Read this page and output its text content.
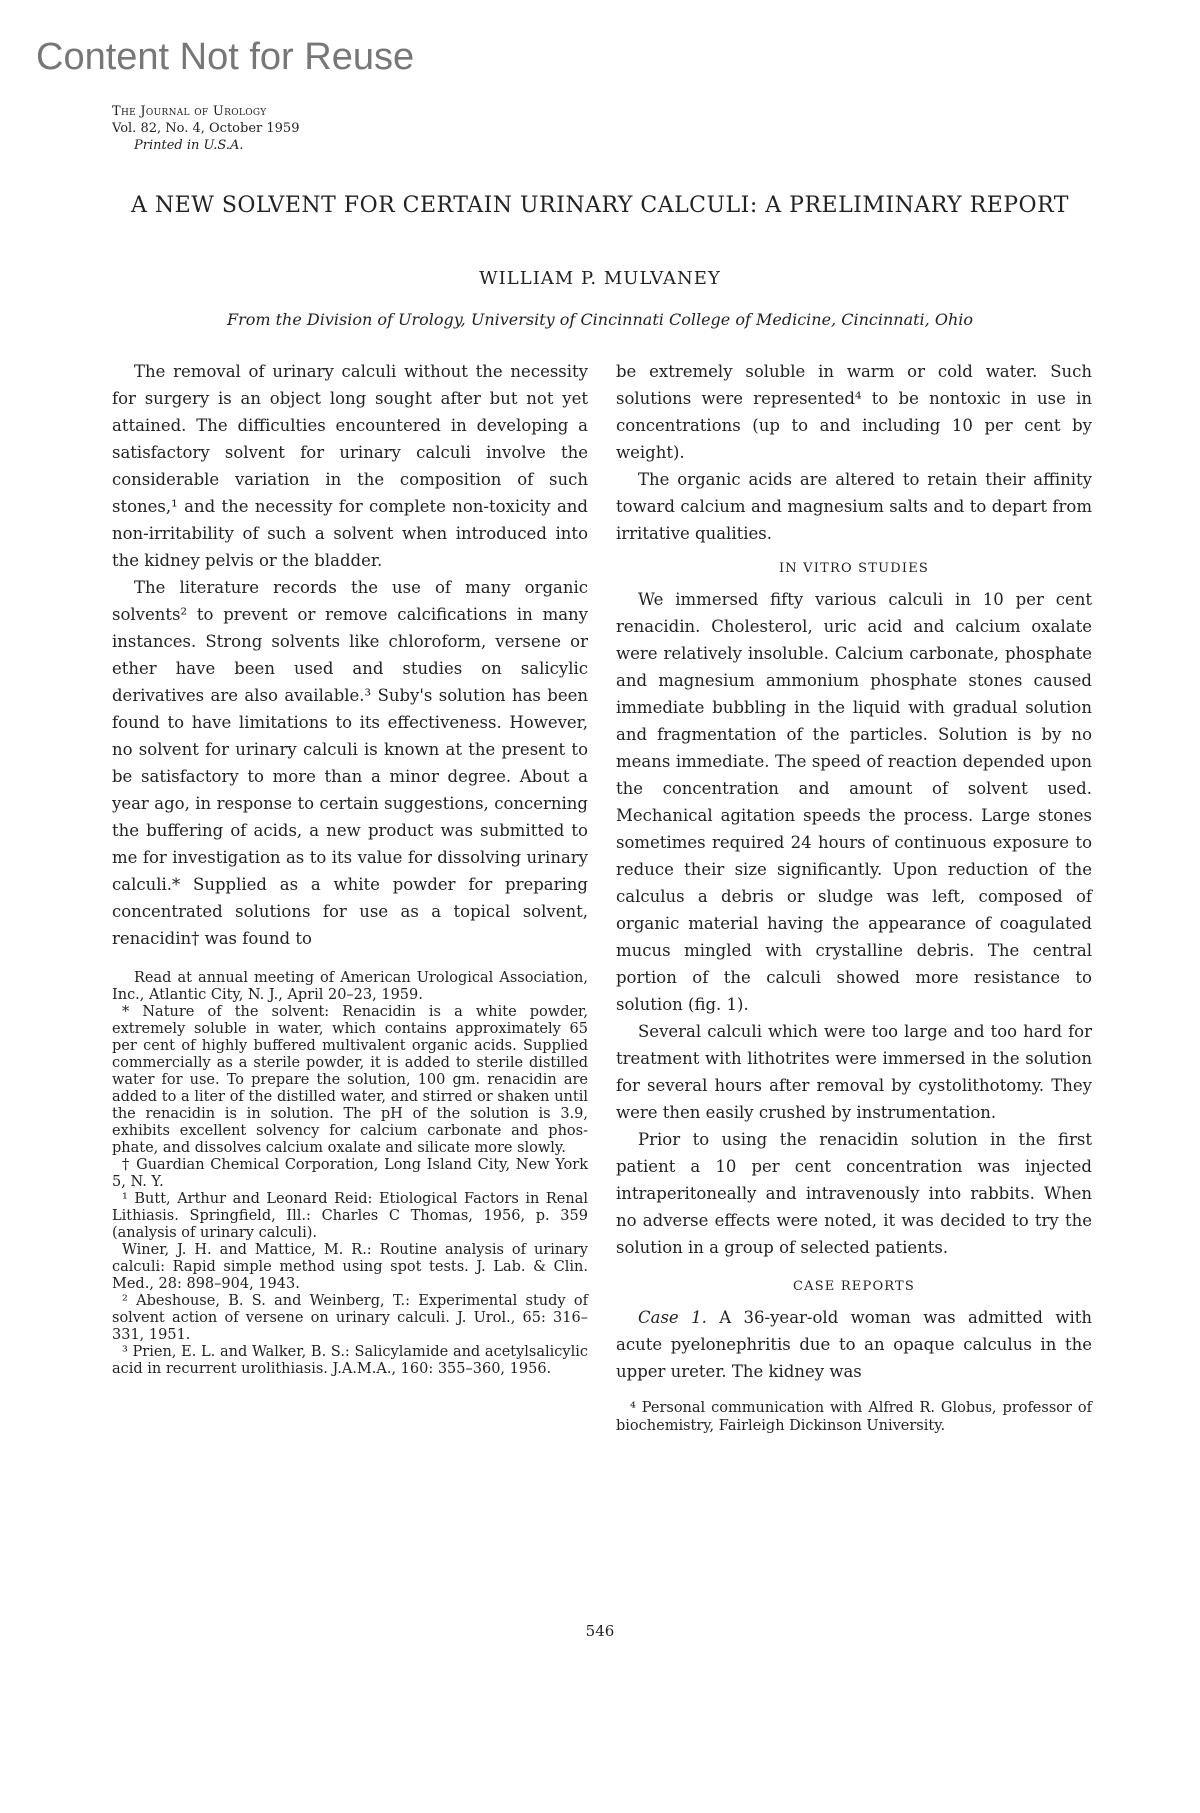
Content Not for Reuse
The Journal of Urology
Vol. 82, No. 4, October 1959
Printed in U.S.A.
A NEW SOLVENT FOR CERTAIN URINARY CALCULI: A PRELIMINARY REPORT
WILLIAM P. MULVANEY
From the Division of Urology, University of Cincinnati College of Medicine, Cincinnati, Ohio

The removal of urinary calculi without the necessity for surgery is an object long sought after but not yet attained. The difficulties encountered in developing a satisfactory solvent for urinary calculi involve the considerable variation in the composition of such stones,¹ and the necessity for complete non-toxicity and non-irritability of such a solvent when introduced into the kidney pelvis or the bladder.

The literature records the use of many organic solvents² to prevent or remove calcifications in many instances. Strong solvents like chloroform, versene or ether have been used and studies on salicylic derivatives are also available.³ Suby's solution has been found to have limitations to its effectiveness. However, no solvent for urinary calculi is known at the present to be satisfactory to more than a minor degree. About a year ago, in response to certain suggestions, concerning the buffering of acids, a new product was submitted to me for investigation as to its value for dissolving urinary calculi.* Supplied as a white powder for preparing concentrated solutions for use as a topical solvent, renacidin† was found to

Read at annual meeting of American Urological Association, Inc., Atlantic City, N. J., April 20–23, 1959.
* Nature of the solvent: Renacidin is a white powder, extremely soluble in water, which contains approximately 65 per cent of highly buffered multivalent organic acids. Supplied commercially as a sterile powder, it is added to sterile distilled water for use. To prepare the solution, 100 gm. renacidin are added to a liter of the distilled water, and stirred or shaken until the renacidin is in solution. The pH of the solution is 3.9, exhibits excellent solvency for calcium carbonate and phosphate, and dissolves calcium oxalate and silicate more slowly.
† Guardian Chemical Corporation, Long Island City, New York 5, N. Y.
¹ Butt, Arthur and Leonard Reid: Etiological Factors in Renal Lithiasis. Springfield, Ill.: Charles C Thomas, 1956, p. 359 (analysis of urinary calculi).
Winer, J. H. and Mattice, M. R.: Routine analysis of urinary calculi: Rapid simple method using spot tests. J. Lab. & Clin. Med., 28: 898–904, 1943.
² Abeshouse, B. S. and Weinberg, T.: Experimental study of solvent action of versene on urinary calculi. J. Urol., 65: 316–331, 1951.
³ Prien, E. L. and Walker, B. S.: Salicylamide and acetylsalicylic acid in recurrent urolithiasis. J.A.M.A., 160: 355–360, 1956.

be extremely soluble in warm or cold water. Such solutions were represented⁴ to be nontoxic in use in concentrations (up to and including 10 per cent by weight).

The organic acids are altered to retain their affinity toward calcium and magnesium salts and to depart from irritative qualities.

IN VITRO STUDIES

We immersed fifty various calculi in 10 per cent renacidin. Cholesterol, uric acid and calcium oxalate were relatively insoluble. Calcium carbonate, phosphate and magnesium ammonium phosphate stones caused immediate bubbling in the liquid with gradual solution and fragmentation of the particles. Solution is by no means immediate. The speed of reaction depended upon the concentration and amount of solvent used. Mechanical agitation speeds the process. Large stones sometimes required 24 hours of continuous exposure to reduce their size significantly. Upon reduction of the calculus a debris or sludge was left, composed of organic material having the appearance of coagulated mucus mingled with crystalline debris. The central portion of the calculi showed more resistance to solution (fig. 1).

Several calculi which were too large and too hard for treatment with lithotrites were immersed in the solution for several hours after removal by cystolithotomy. They were then easily crushed by instrumentation.

Prior to using the renacidin solution in the first patient a 10 per cent concentration was injected intraperitoneally and intravenously into rabbits. When no adverse effects were noted, it was decided to try the solution in a group of selected patients.

CASE REPORTS

Case 1. A 36-year-old woman was admitted with acute pyelonephritis due to an opaque calculus in the upper ureter. The kidney was

⁴ Personal communication with Alfred R. Globus, professor of biochemistry, Fairleigh Dickinson University.
546
